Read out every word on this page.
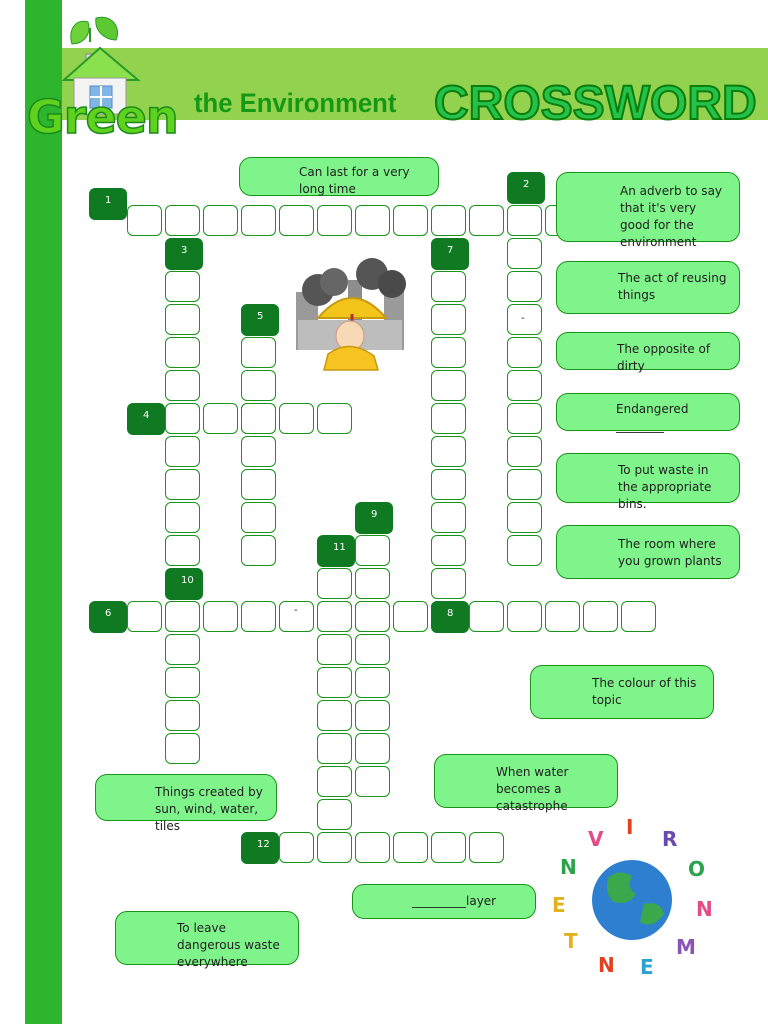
Green the Environment CROSSWORD
1
2
3	7
5
4
9
11
10
6	8
12
-
-
E
N
V I R
O
N
M
E
N
T
Can last for a very long time	An adverb to say that it's very good for the environment
The act of reusing things
The opposite of dirty
Endangered ________
To put waste in the appropriate bins.
The room where you grown plants
The colour of this topic
When water becomes a catastrophe
Things created by sun, wind, water, tiles
_________layer
To leave dangerous waste everywhere
